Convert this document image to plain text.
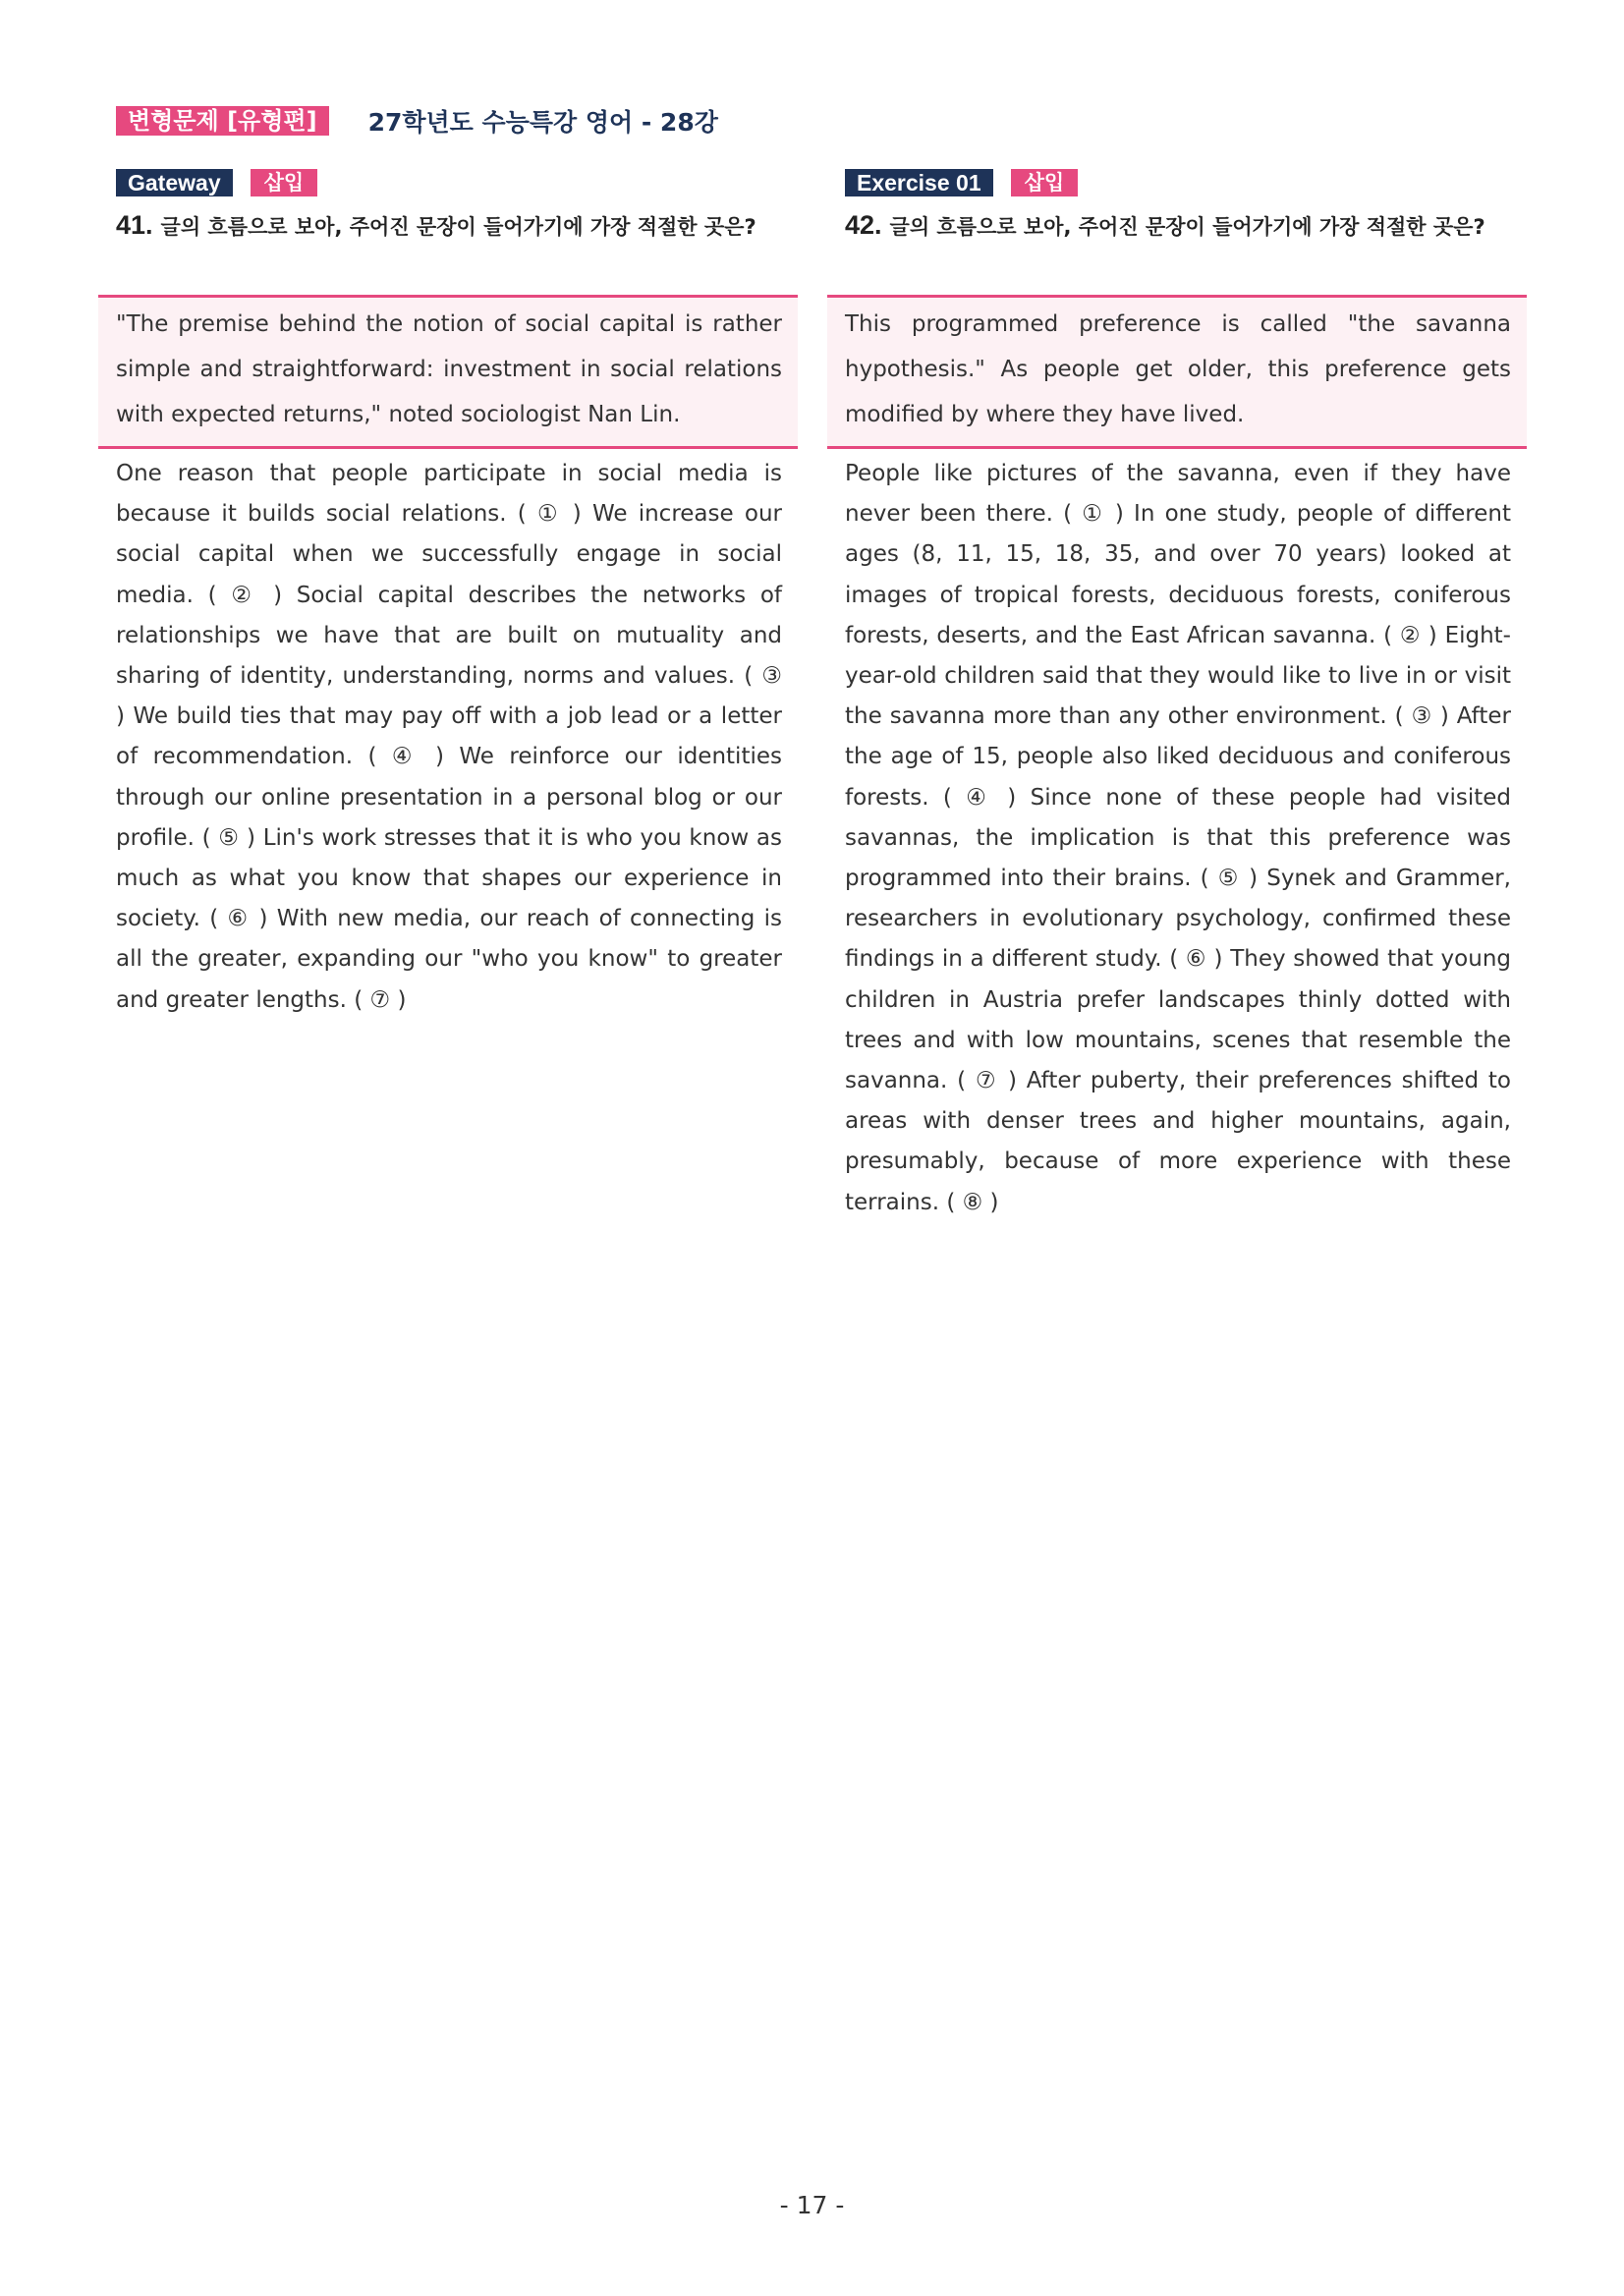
변형문제 [유형편]	27학년도 수능특강 영어 - 28강
Gateway	삽입
41. 글의 흐름으로 보아, 주어진 문장이 들어가기에 가장 적절한 곳은?
"The premise behind the notion of social capital is rather simple and straightforward: investment in social relations with expected returns," noted sociologist Nan Lin.
One reason that people participate in social media is because it builds social relations. ( ① ) We increase our social capital when we successfully engage in social media. ( ② ) Social capital describes the networks of relationships we have that are built on mutuality and sharing of identity, understanding, norms and values. ( ③ ) We build ties that may pay off with a job lead or a letter of recommendation. ( ④ ) We reinforce our identities through our online presentation in a personal blog or our profile. ( ⑤ ) Lin's work stresses that it is who you know as much as what you know that shapes our experience in society. ( ⑥ ) With new media, our reach of connecting is all the greater, expanding our "who you know" to greater and greater lengths. ( ⑦ )
Exercise 01	삽입
42. 글의 흐름으로 보아, 주어진 문장이 들어가기에 가장 적절한 곳은?
This programmed preference is called "the savanna hypothesis." As people get older, this preference gets modified by where they have lived.
People like pictures of the savanna, even if they have never been there. ( ① ) In one study, people of different ages (8, 11, 15, 18, 35, and over 70 years) looked at images of tropical forests, deciduous forests, coniferous forests, deserts, and the East African savanna. ( ② ) Eight-year-old children said that they would like to live in or visit the savanna more than any other environment. ( ③ ) After the age of 15, people also liked deciduous and coniferous forests. ( ④ ) Since none of these people had visited savannas, the implication is that this preference was programmed into their brains. ( ⑤ ) Synek and Grammer, researchers in evolutionary psychology, confirmed these findings in a different study. ( ⑥ ) They showed that young children in Austria prefer landscapes thinly dotted with trees and with low mountains, scenes that resemble the savanna. ( ⑦ ) After puberty, their preferences shifted to areas with denser trees and higher mountains, again, presumably, because of more experience with these terrains. ( ⑧ )
- 17 -
